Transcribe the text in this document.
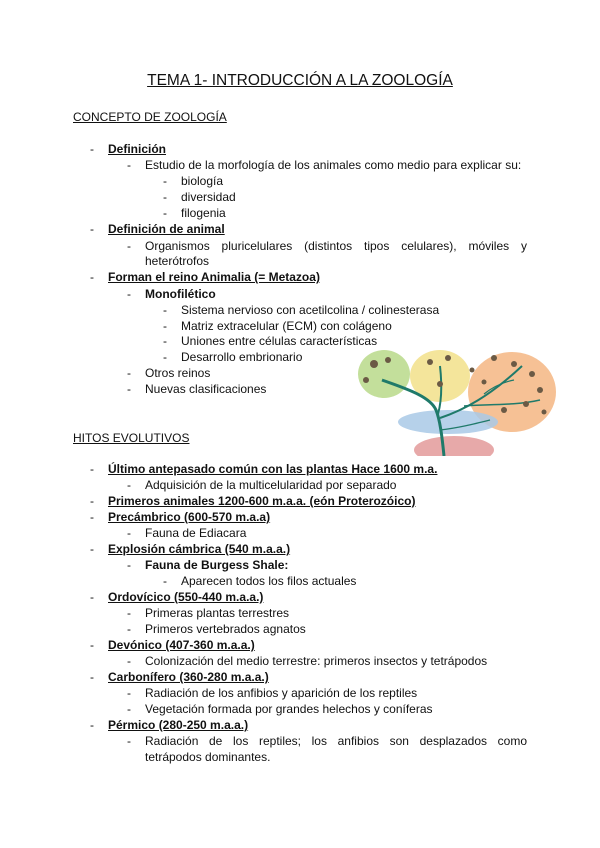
TEMA 1- INTRODUCCIÓN A LA ZOOLOGÍA
CONCEPTO DE ZOOLOGÍA
- Definición
- Estudio de la morfología de los animales como medio para explicar su:
- biología
- diversidad
- filogenia
- Definición de animal
- Organismos pluricelulares (distintos tipos celulares), móviles y
heterótrofos
- Forman el reino Animalia (= Metazoa)
- Monofilético
- Sistema nervioso con acetilcolina / colinesterasa
- Matriz extracelular (ECM) con colágeno
- Uniones entre células características
- Desarrollo embrionario
- Otros reinos
- Nuevas clasificaciones
HITOS EVOLUTIVOS
- Último antepasado común con las plantas Hace 1600 m.a.
- Adquisición de la multicelularidad por separado
- Primeros animales 1200-600 m.a.a. (eón Proterozóico)
- Precámbrico (600-570 m.a.a)
- Fauna de Ediacara
- Explosión cámbrica (540 m.a.a.)
- Fauna de Burgess Shale:
- Aparecen todos los filos actuales
- Ordovícico (550-440 m.a.a.)
- Primeras plantas terrestres
- Primeros vertebrados agnatos
- Devónico (407-360 m.a.a.)
- Colonización del medio terrestre: primeros insectos y tetrápodos
- Carbonífero (360-280 m.a.a.)
- Radiación de los anfibios y aparición de los reptiles
- Vegetación formada por grandes helechos y coníferas
- Pérmico (280-250 m.a.a.)
- Radiación de los reptiles; los anfibios son desplazados como
tetrápodos dominantes.
